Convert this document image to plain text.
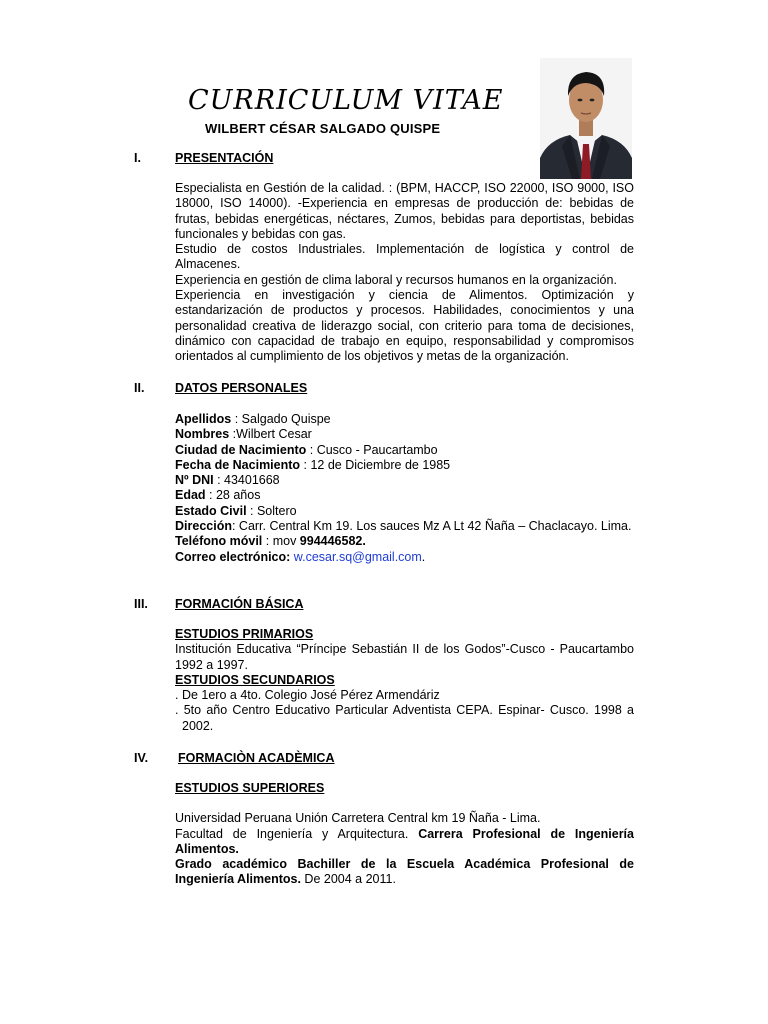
CURRICULUM VITAE
WILBERT CÉSAR SALGADO QUISPE
I.	PRESENTACIÓN
Especialista en Gestión de la calidad. : (BPM, HACCP, ISO 22000, ISO 9000, ISO 18000, ISO 14000). -Experiencia en empresas de producción de: bebidas de frutas, bebidas energéticas, néctares, Zumos, bebidas para deportistas, bebidas funcionales y bebidas con gas.
Estudio de costos Industriales. Implementación de logística y control de Almacenes.
Experiencia en gestión de clima laboral y recursos humanos en la organización.
Experiencia en investigación y ciencia de Alimentos. Optimización y estandarización de productos y procesos. Habilidades, conocimientos y una personalidad creativa de liderazgo social, con criterio para toma de decisiones, dinámico con capacidad de trabajo en equipo, responsabilidad y compromisos orientados al cumplimiento de los objetivos y metas de la organización.
II. DATOS PERSONALES
Apellidos : Salgado Quispe
Nombres :Wilbert Cesar
Ciudad de Nacimiento : Cusco - Paucartambo
Fecha de Nacimiento : 12 de Diciembre de 1985
Nº DNI : 43401668
Edad : 28 años
Estado Civil : Soltero
Dirección: Carr. Central Km 19. Los sauces Mz A Lt 42 Ñaña – Chaclacayo. Lima.
Teléfono móvil : mov 994446582.
Correo electrónico: w.cesar.sq@gmail.com.
III. FORMACIÓN BÁSICA
ESTUDIOS PRIMARIOS
Institución Educativa “Príncipe Sebastián II de los Godos”-Cusco - Paucartambo 1992 a 1997.
ESTUDIOS SECUNDARIOS
. De 1ero a 4to. Colegio José Pérez Armendáriz
. 5to año Centro Educativo Particular Adventista CEPA. Espinar- Cusco. 1998 a 2002.
IV. FORMACIÒN ACADÈMICA
ESTUDIOS SUPERIORES
Universidad Peruana Unión Carretera Central km 19 Ñaña - Lima.
Facultad de Ingeniería y Arquitectura. Carrera Profesional de Ingeniería Alimentos.
Grado académico Bachiller de la Escuela Académica Profesional de Ingeniería Alimentos. De 2004 a 2011.
